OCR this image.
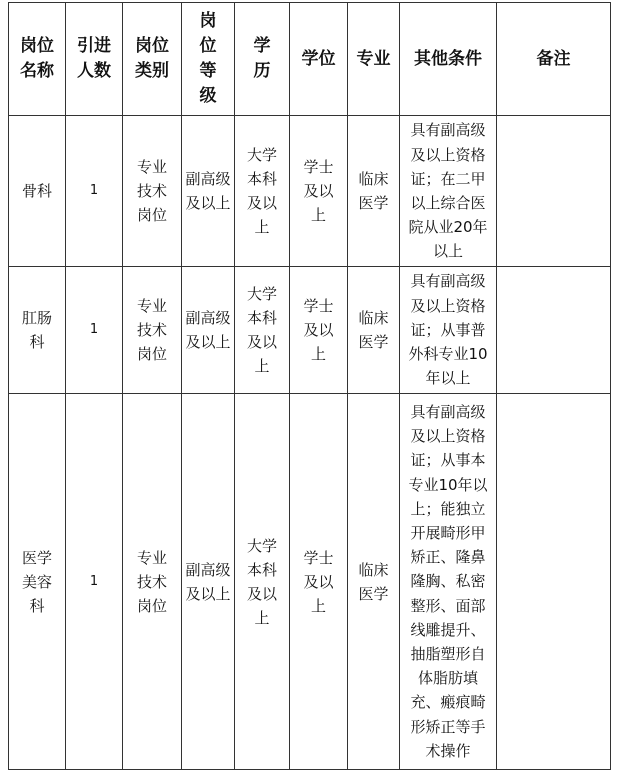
岗位名称	引进人数	岗位类别	岗位等级	学历	学位	专业	其他条件	备注

骨科	1	专业技术岗位	副高级及以上	大学本科及以上	学士及以上	临床医学	具有副高级及以上资格证；在二甲以上综合医院从业20年以上	

肛肠科	1	专业技术岗位	副高级及以上	大学本科及以上	学士及以上	临床医学	具有副高级及以上资格证；从事普外科专业10年以上	

医学美容科	1	专业技术岗位	副高级及以上	大学本科及以上	学士及以上	临床医学	具有副高级及以上资格证；从事本专业10年以上；能独立开展畸形甲矫正、隆鼻隆胸、私密整形、面部线雕提升、抽脂塑形自体脂肪填充、瘢痕畸形矫正等手术操作	
